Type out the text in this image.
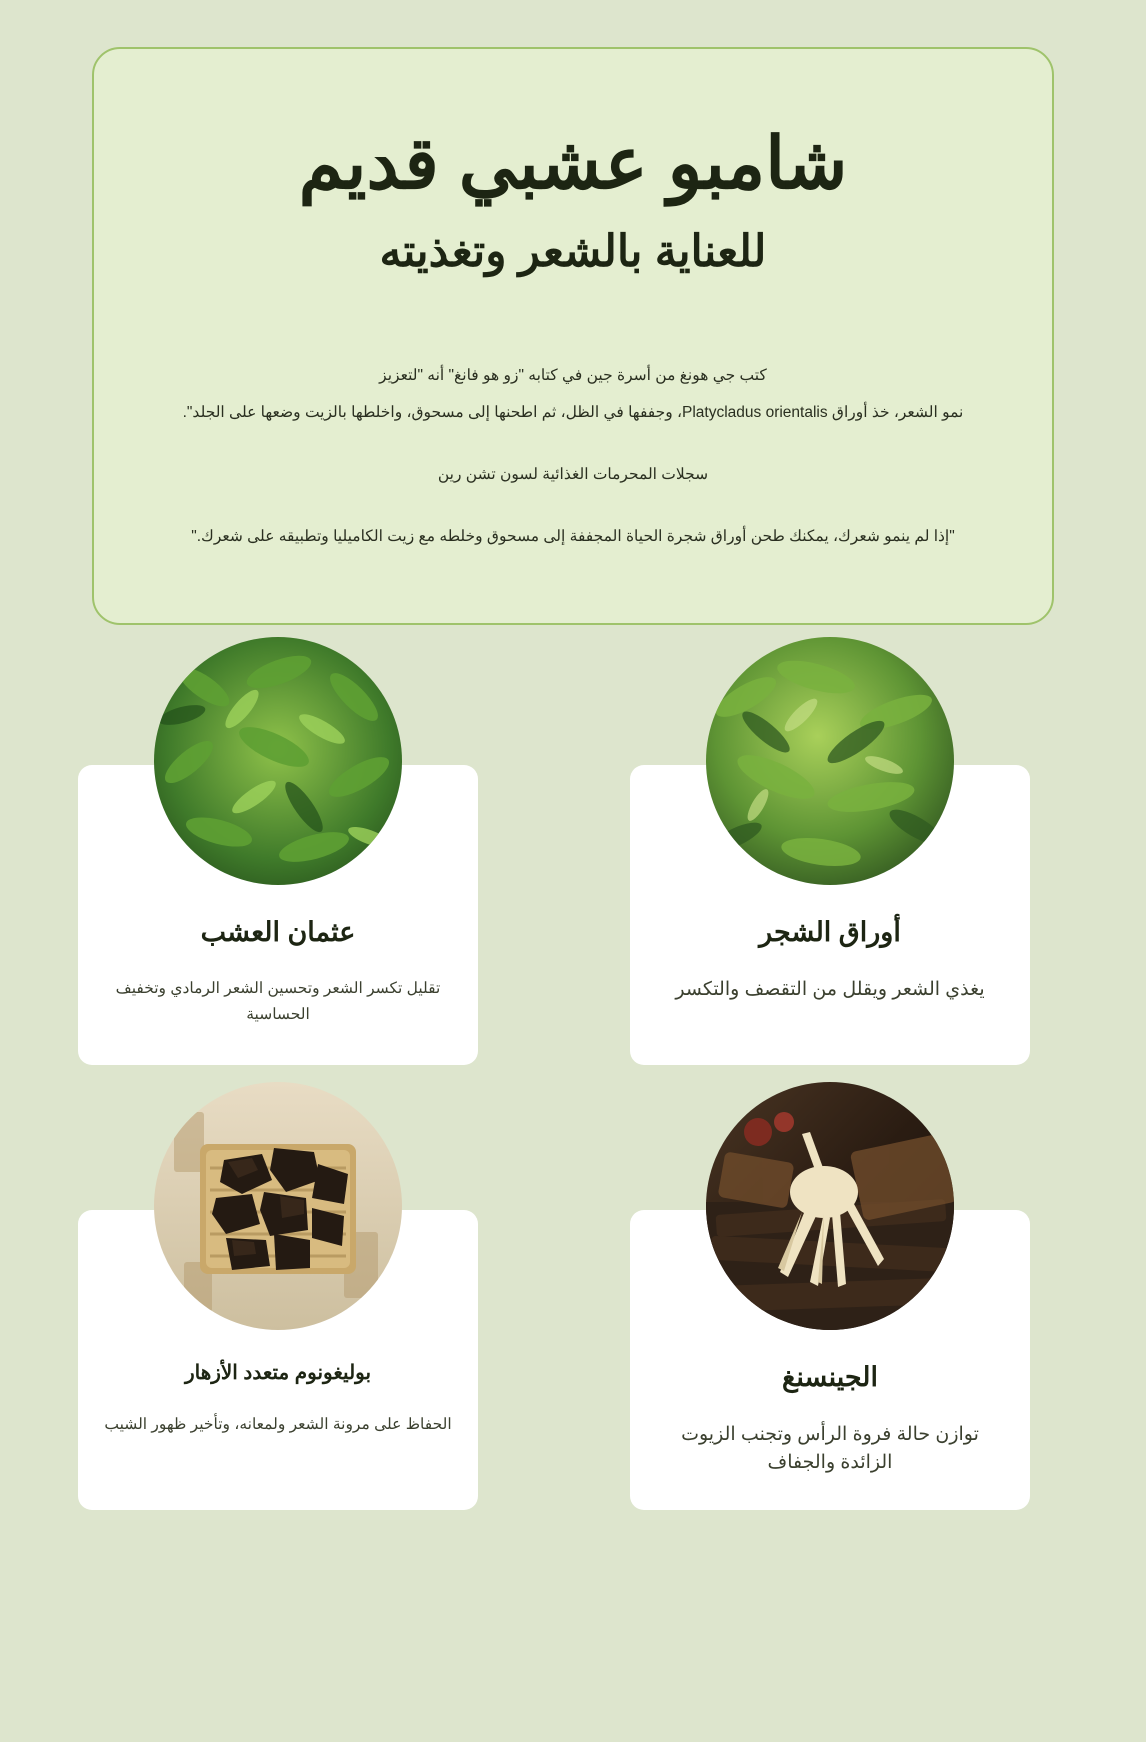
شامبو عشبي قديم
للعناية بالشعر وتغذيته

كتب جي هونغ من أسرة جين في كتابه "زو هو فانغ" أنه "لتعزيز

نمو الشعر، خذ أوراق Platycladus orientalis، وجففها في الظل، ثم اطحنها إلى مسحوق، واخلطها بالزيت وضعها على الجلد".

سجلات المحرمات الغذائية لسون تشن رين

"إذا لم ينمو شعرك، يمكنك طحن أوراق شجرة الحياة المجففة إلى مسحوق وخلطه مع زيت الكاميليا وتطبيقه على شعرك."

أوراق الشجر

يغذي الشعر ويقلل من التقصف والتكسر

عثمان العشب

تقليل تكسر الشعر وتحسين الشعر الرمادي وتخفيف الحساسية

الجينسنغ

توازن حالة فروة الرأس وتجنب الزيوت الزائدة والجفاف

بوليغونوم متعدد الأزهار

الحفاظ على مرونة الشعر ولمعانه، وتأخير ظهور الشيب
